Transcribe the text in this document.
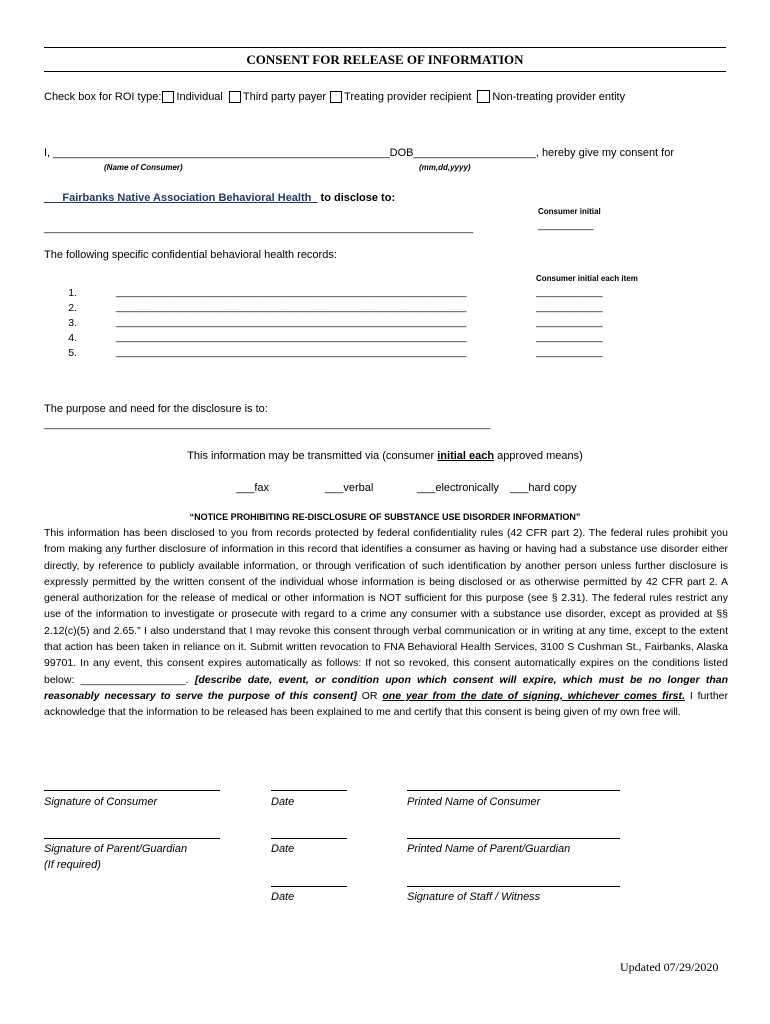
CONSENT FOR RELEASE OF INFORMATION
Check box for ROI type: Individual Third party payer Treating provider recipient Non-treating provider entity
I, _______________________________________________________DOB____________________, hereby give my consent for
(Name of Consumer)	(mm,dd,yyyy)
___Fairbanks Native Association Behavioral Health_ to disclose to:
Consumer initial
________________________________________________________________________________	__________
The following specific confidential behavioral health records:
Consumer initial each item
1.	_______________________________________________________________	____________
2.	_______________________________________________________________	____________
3.	_______________________________________________________________	____________
4.	_______________________________________________________________	____________
5.	_______________________________________________________________	____________
The purpose and need for the disclosure is to:
____________________________________________________________________________________
This information may be transmitted via (consumer initial each approved means)
___fax	___verbal	___electronically ___hard copy
“NOTICE PROHIBITING RE-DISCLOSURE OF SUBSTANCE USE DISORDER INFORMATION”
This information has been disclosed to you from records protected by federal confidentiality rules (42 CFR part 2). The federal rules prohibit you from making any further disclosure of information in this record that identifies a consumer as having or having had a substance use disorder either directly, by reference to publicly available information, or through verification of such identification by another person unless further disclosure is expressly permitted by the written consent of the individual whose information is being disclosed or as otherwise permitted by 42 CFR part 2. A general authorization for the release of medical or other information is NOT sufficient for this purpose (see § 2.31). The federal rules restrict any use of the information to investigate or prosecute with regard to a crime any consumer with a substance use disorder, except as provided at §§ 2.12(c)(5) and 2.65.” I also understand that I may revoke this consent through verbal communication or in writing at any time, except to the extent that action has been taken in reliance on it. Submit written revocation to FNA Behavioral Health Services, 3100 S Cushman St., Fairbanks, Alaska 99701. In any event, this consent expires automatically as follows: If not so revoked, this consent automatically expires on the conditions listed below: __________________. [describe date, event, or condition upon which consent will expire, which must be no longer than reasonably necessary to serve the purpose of this consent] OR one year from the date of signing, whichever comes first. I further acknowledge that the information to be released has been explained to me and certify that this consent is being given of my own free will.
Signature of Consumer	Date	Printed Name of Consumer
Signature of Parent/Guardian
(If required)
Date	Printed Name of Parent/Guardian
Date	Signature of Staff / Witness
Updated 07/29/2020
